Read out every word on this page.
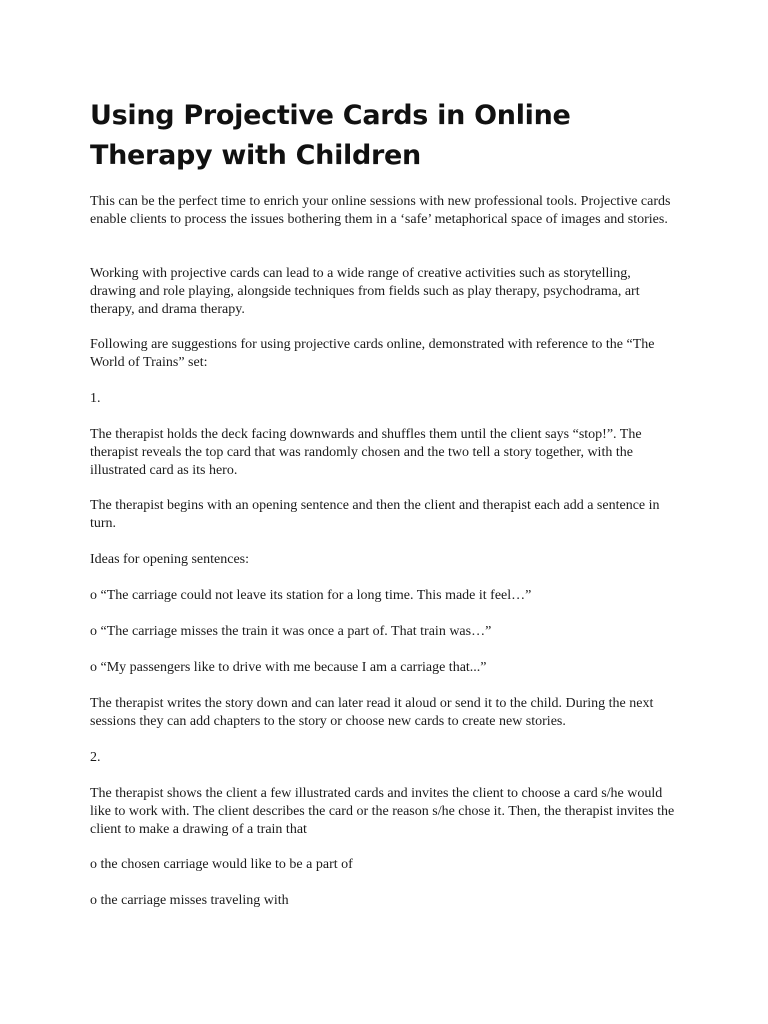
Using Projective Cards in Online Therapy with Children

This can be the perfect time to enrich your online sessions with new professional tools. Projective cards enable clients to process the issues bothering them in a ‘safe’ metaphorical space of images and stories.

Working with projective cards can lead to a wide range of creative activities such as storytelling, drawing and role playing, alongside techniques from fields such as play therapy, psychodrama, art therapy, and drama therapy.

Following are suggestions for using projective cards online, demonstrated with reference to the “The World of Trains” set:

1.

The therapist holds the deck facing downwards and shuffles them until the client says “stop!”. The therapist reveals the top card that was randomly chosen and the two tell a story together, with the illustrated card as its hero.

The therapist begins with an opening sentence and then the client and therapist each add a sentence in turn.

Ideas for opening sentences:

o “The carriage could not leave its station for a long time. This made it feel…”

o “The carriage misses the train it was once a part of. That train was…”

o “My passengers like to drive with me because I am a carriage that...”

The therapist writes the story down and can later read it aloud or send it to the child. During the next sessions they can add chapters to the story or choose new cards to create new stories.

2.

The therapist shows the client a few illustrated cards and invites the client to choose a card s/he would like to work with. The client describes the card or the reason s/he chose it. Then, the therapist invites the client to make a drawing of a train that

o the chosen carriage would like to be a part of

o the carriage misses traveling with
